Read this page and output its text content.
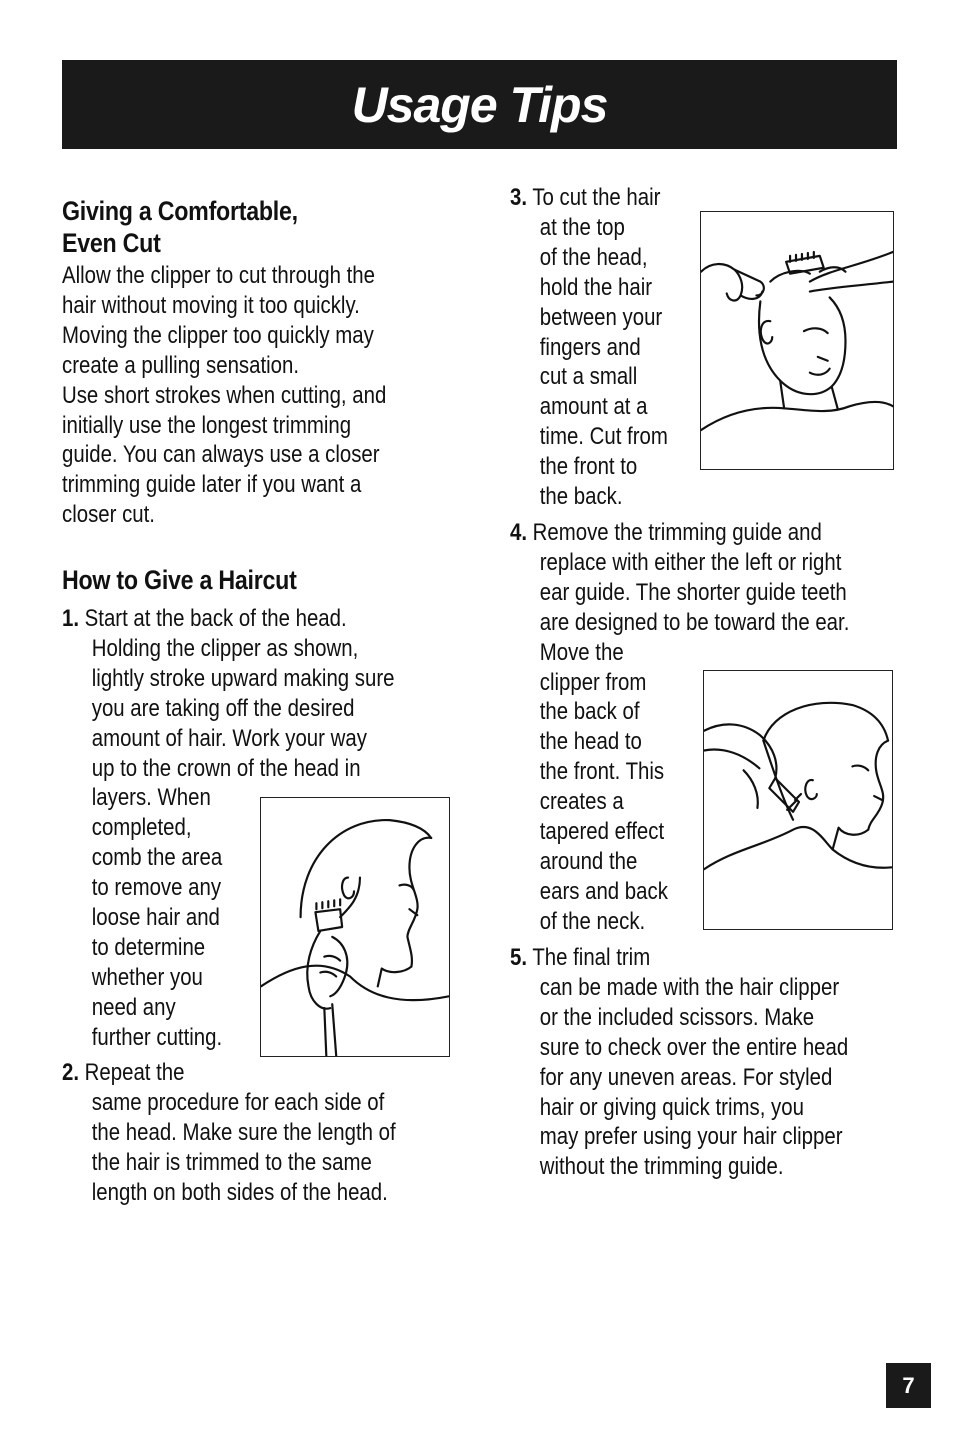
Usage Tips
Giving a Comfortable,
Even Cut
Allow the clipper to cut through the
hair without moving it too quickly.
Moving the clipper too quickly may
create a pulling sensation.
Use short strokes when cutting, and
initially use the longest trimming
guide. You can always use a closer
trimming guide later if you want a
closer cut.
How to Give a Haircut
1. Start at the back of the head.
Holding the clipper as shown,
lightly stroke upward making sure
you are taking off the desired
amount of hair. Work your way
up to the crown of the head in
layers. When
completed,
comb the area
to remove any
loose hair and
to determine
whether you
need any
further cutting.
2. Repeat the
same procedure for each side of
the head. Make sure the length of
the hair is trimmed to the same
length on both sides of the head.
3. To cut the hair
at the top
of the head,
hold the hair
between your
fingers and
cut a small
amount at a
time. Cut from
the front to
the back.
4. Remove the trimming guide and
replace with either the left or right
ear guide. The shorter guide teeth
are designed to be toward the ear.
Move the
clipper from
the back of
the head to
the front. This
creates a
tapered effect
around the
ears and back
of the neck.
5. The final trim
can be made with the hair clipper
or the included scissors. Make
sure to check over the entire head
for any uneven areas. For styled
hair or giving quick trims, you
may prefer using your hair clipper
without the trimming guide.
7
